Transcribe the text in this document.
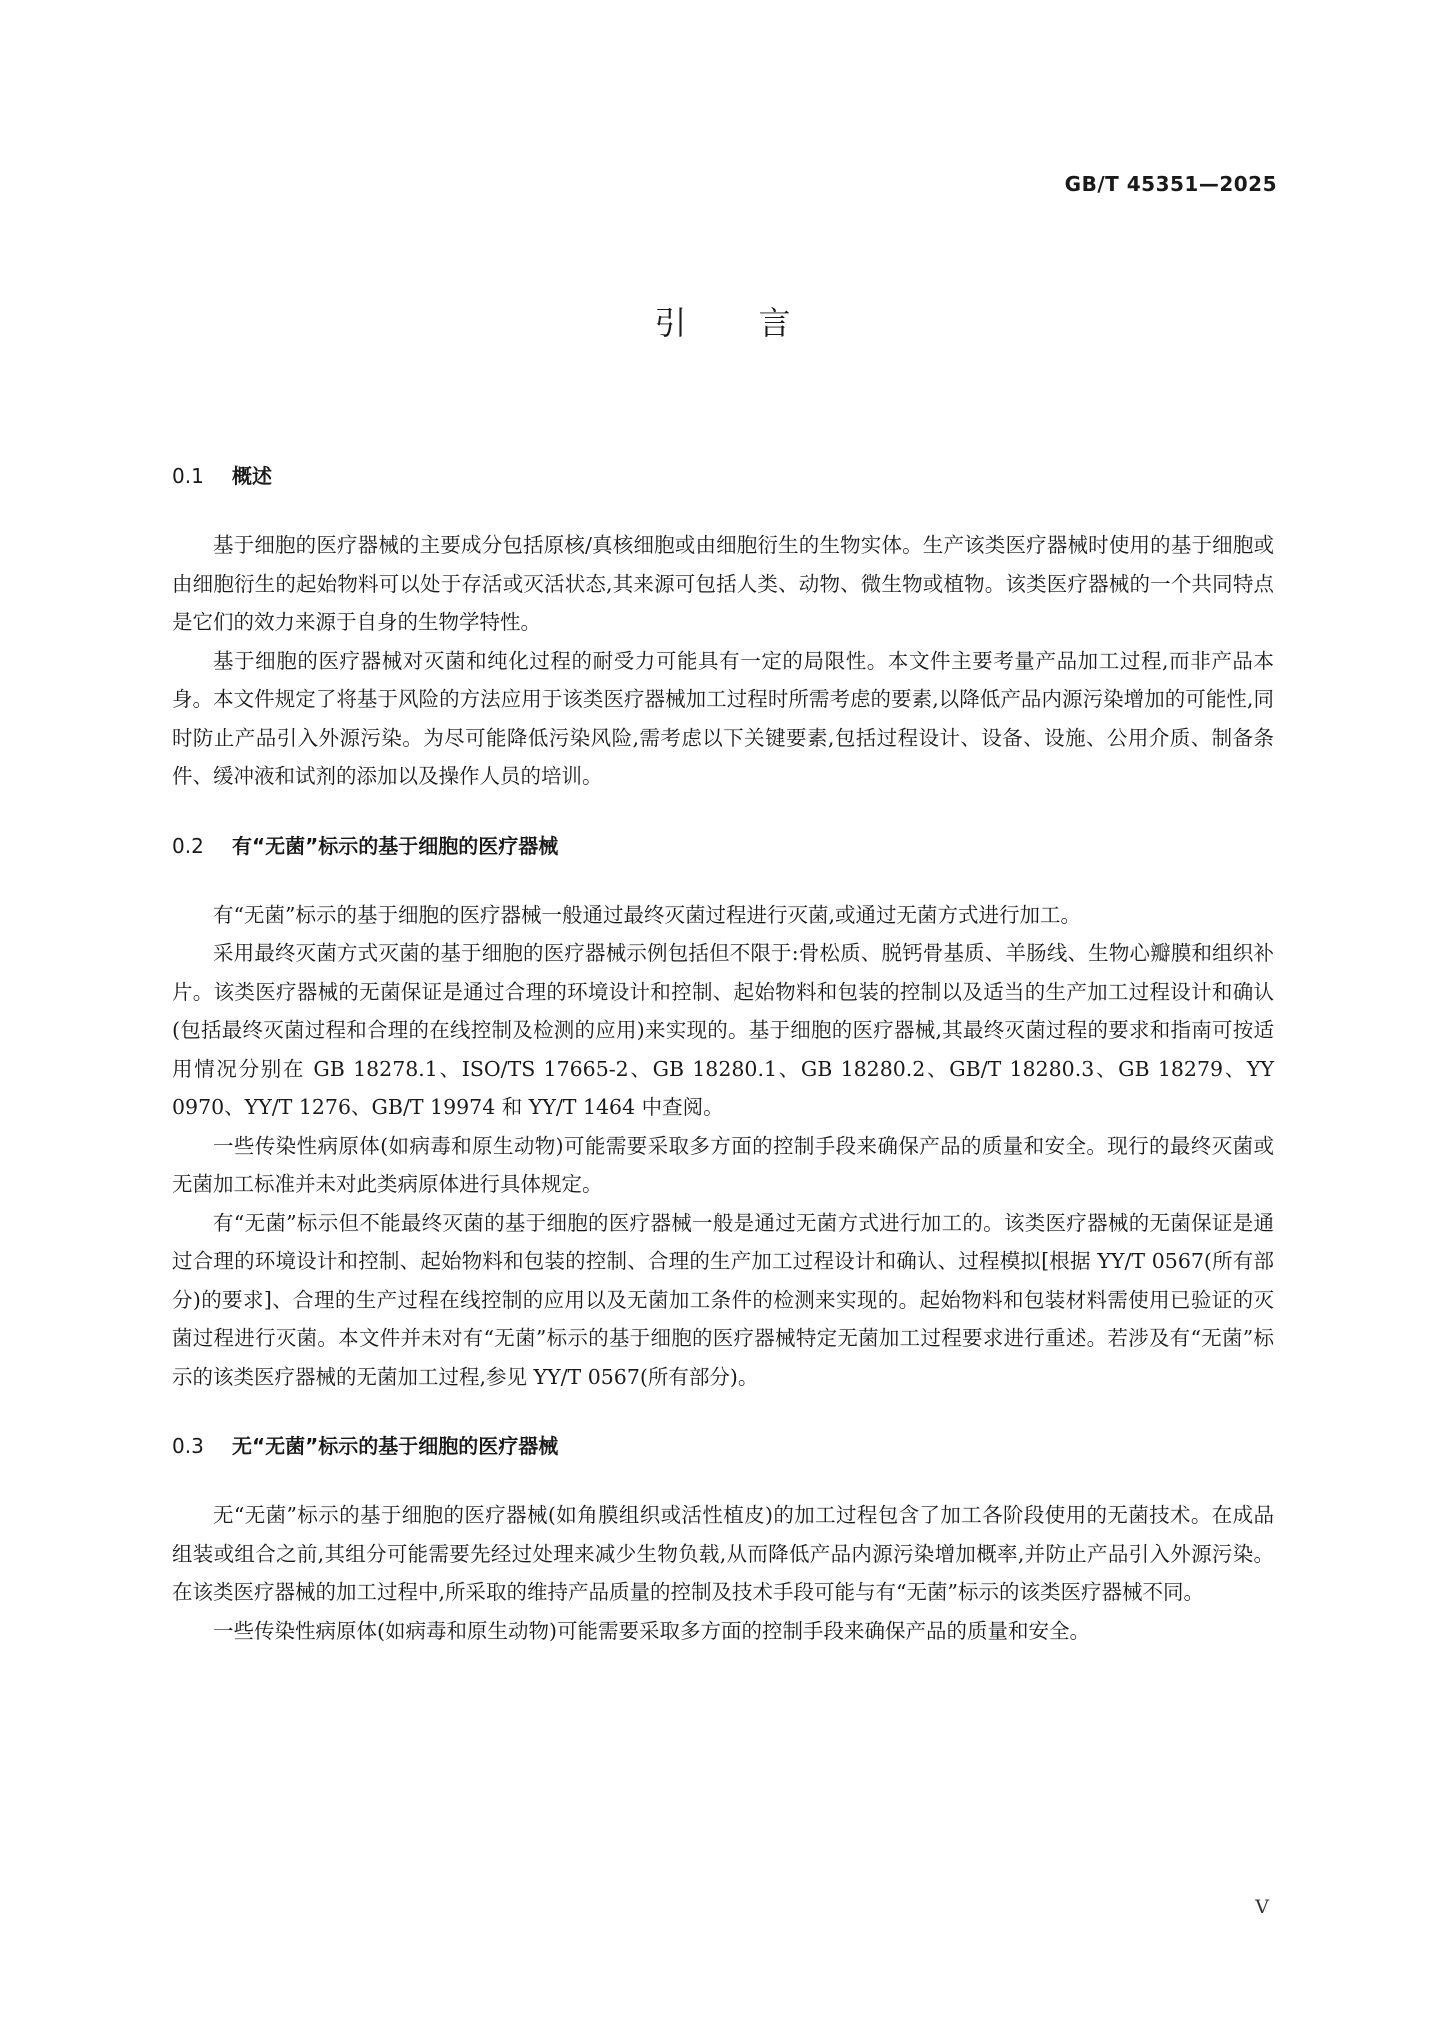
GB/T 45351—2025
引言
0.1 概述

基于细胞的医疗器械的主要成分包括原核/真核细胞或由细胞衍生的生物实体。生产该类医疗器械时使用的基于细胞或由细胞衍生的起始物料可以处于存活或灭活状态,其来源可包括人类、动物、微生物或植物。该类医疗器械的一个共同特点是它们的效力来源于自身的生物学特性。

基于细胞的医疗器械对灭菌和纯化过程的耐受力可能具有一定的局限性。本文件主要考量产品加工过程,而非产品本身。本文件规定了将基于风险的方法应用于该类医疗器械加工过程时所需考虑的要素,以降低产品内源污染增加的可能性,同时防止产品引入外源污染。为尽可能降低污染风险,需考虑以下关键要素,包括过程设计、设备、设施、公用介质、制备条件、缓冲液和试剂的添加以及操作人员的培训。

0.2 有“无菌”标示的基于细胞的医疗器械

有“无菌”标示的基于细胞的医疗器械一般通过最终灭菌过程进行灭菌,或通过无菌方式进行加工。

采用最终灭菌方式灭菌的基于细胞的医疗器械示例包括但不限于:骨松质、脱钙骨基质、羊肠线、生物心瓣膜和组织补片。该类医疗器械的无菌保证是通过合理的环境设计和控制、起始物料和包装的控制以及适当的生产加工过程设计和确认(包括最终灭菌过程和合理的在线控制及检测的应用)来实现的。基于细胞的医疗器械,其最终灭菌过程的要求和指南可按适用情况分别在 GB 18278.1、ISO/TS 17665-2、GB 18280.1、GB 18280.2、GB/T 18280.3、GB 18279、YY 0970、YY/T 1276、GB/T 19974 和 YY/T 1464 中查阅。

一些传染性病原体(如病毒和原生动物)可能需要采取多方面的控制手段来确保产品的质量和安全。现行的最终灭菌或无菌加工标准并未对此类病原体进行具体规定。

有“无菌”标示但不能最终灭菌的基于细胞的医疗器械一般是通过无菌方式进行加工的。该类医疗器械的无菌保证是通过合理的环境设计和控制、起始物料和包装的控制、合理的生产加工过程设计和确认、过程模拟[根据 YY/T 0567(所有部分)的要求]、合理的生产过程在线控制的应用以及无菌加工条件的检测来实现的。起始物料和包装材料需使用已验证的灭菌过程进行灭菌。本文件并未对有“无菌”标示的基于细胞的医疗器械特定无菌加工过程要求进行重述。若涉及有“无菌”标示的该类医疗器械的无菌加工过程,参见 YY/T 0567(所有部分)。

0.3 无“无菌”标示的基于细胞的医疗器械

无“无菌”标示的基于细胞的医疗器械(如角膜组织或活性植皮)的加工过程包含了加工各阶段使用的无菌技术。在成品组装或组合之前,其组分可能需要先经过处理来减少生物负载,从而降低产品内源污染增加概率,并防止产品引入外源污染。在该类医疗器械的加工过程中,所采取的维持产品质量的控制及技术手段可能与有“无菌”标示的该类医疗器械不同。

一些传染性病原体(如病毒和原生动物)可能需要采取多方面的控制手段来确保产品的质量和安全。

V
